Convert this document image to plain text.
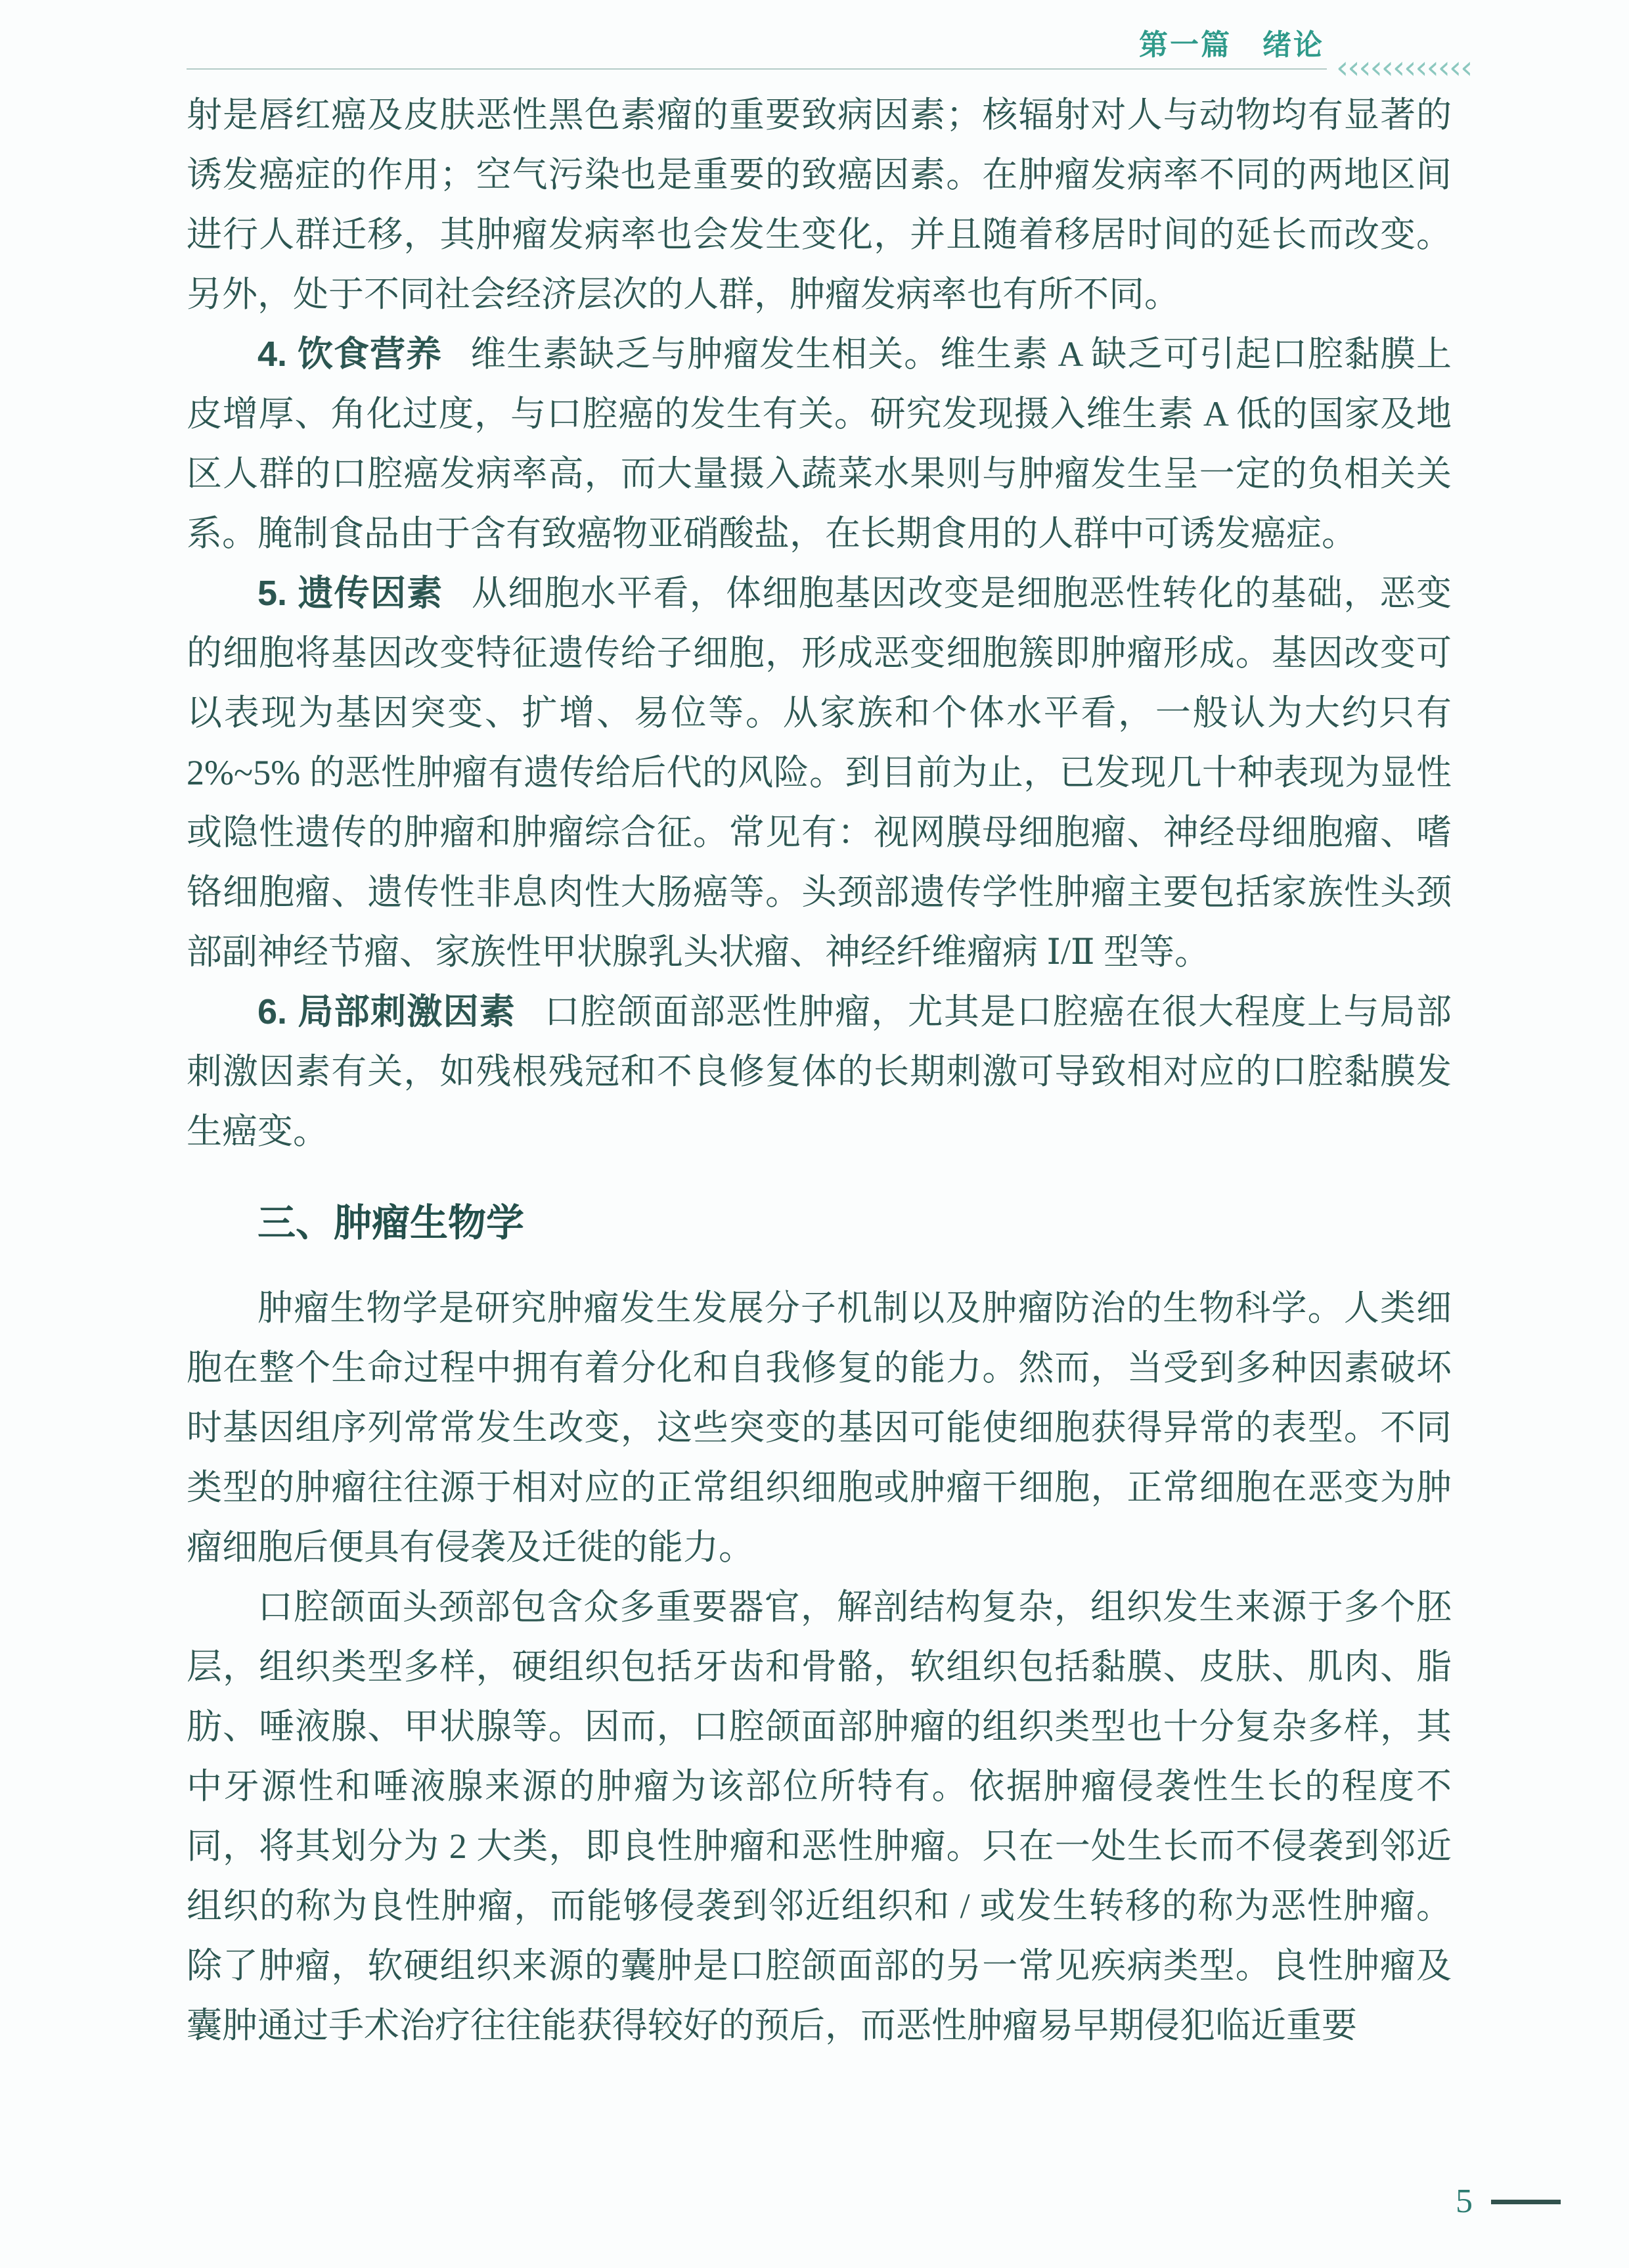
第一篇　绪论
‹‹‹‹‹‹‹‹‹‹‹‹

射是唇红癌及皮肤恶性黑色素瘤的重要致病因素；核辐射对人与动物均有显著的诱发癌症的作用；空气污染也是重要的致癌因素。在肿瘤发病率不同的两地区间进行人群迁移，其肿瘤发病率也会发生变化，并且随着移居时间的延长而改变。另外，处于不同社会经济层次的人群，肿瘤发病率也有所不同。

4. 饮食营养 维生素缺乏与肿瘤发生相关。维生素 A 缺乏可引起口腔黏膜上皮增厚、角化过度，与口腔癌的发生有关。研究发现摄入维生素 A 低的国家及地区人群的口腔癌发病率高，而大量摄入蔬菜水果则与肿瘤发生呈一定的负相关关系。腌制食品由于含有致癌物亚硝酸盐，在长期食用的人群中可诱发癌症。

5. 遗传因素 从细胞水平看，体细胞基因改变是细胞恶性转化的基础，恶变的细胞将基因改变特征遗传给子细胞，形成恶变细胞簇即肿瘤形成。基因改变可以表现为基因突变、扩增、易位等。从家族和个体水平看，一般认为大约只有 2%~5% 的恶性肿瘤有遗传给后代的风险。到目前为止，已发现几十种表现为显性或隐性遗传的肿瘤和肿瘤综合征。常见有：视网膜母细胞瘤、神经母细胞瘤、嗜铬细胞瘤、遗传性非息肉性大肠癌等。头颈部遗传学性肿瘤主要包括家族性头颈部副神经节瘤、家族性甲状腺乳头状瘤、神经纤维瘤病 Ⅰ/Ⅱ 型等。

6. 局部刺激因素 口腔颌面部恶性肿瘤，尤其是口腔癌在很大程度上与局部刺激因素有关，如残根残冠和不良修复体的长期刺激可导致相对应的口腔黏膜发生癌变。

三、肿瘤生物学

肿瘤生物学是研究肿瘤发生发展分子机制以及肿瘤防治的生物科学。人类细胞在整个生命过程中拥有着分化和自我修复的能力。然而，当受到多种因素破坏时基因组序列常常发生改变，这些突变的基因可能使细胞获得异常的表型。不同类型的肿瘤往往源于相对应的正常组织细胞或肿瘤干细胞，正常细胞在恶变为肿瘤细胞后便具有侵袭及迁徙的能力。

口腔颌面头颈部包含众多重要器官，解剖结构复杂，组织发生来源于多个胚层，组织类型多样，硬组织包括牙齿和骨骼，软组织包括黏膜、皮肤、肌肉、脂肪、唾液腺、甲状腺等。因而，口腔颌面部肿瘤的组织类型也十分复杂多样，其中牙源性和唾液腺来源的肿瘤为该部位所特有。依据肿瘤侵袭性生长的程度不同，将其划分为 2 大类，即良性肿瘤和恶性肿瘤。只在一处生长而不侵袭到邻近组织的称为良性肿瘤，而能够侵袭到邻近组织和 / 或发生转移的称为恶性肿瘤。除了肿瘤，软硬组织来源的囊肿是口腔颌面部的另一常见疾病类型。良性肿瘤及囊肿通过手术治疗往往能获得较好的预后，而恶性肿瘤易早期侵犯临近重要

5
